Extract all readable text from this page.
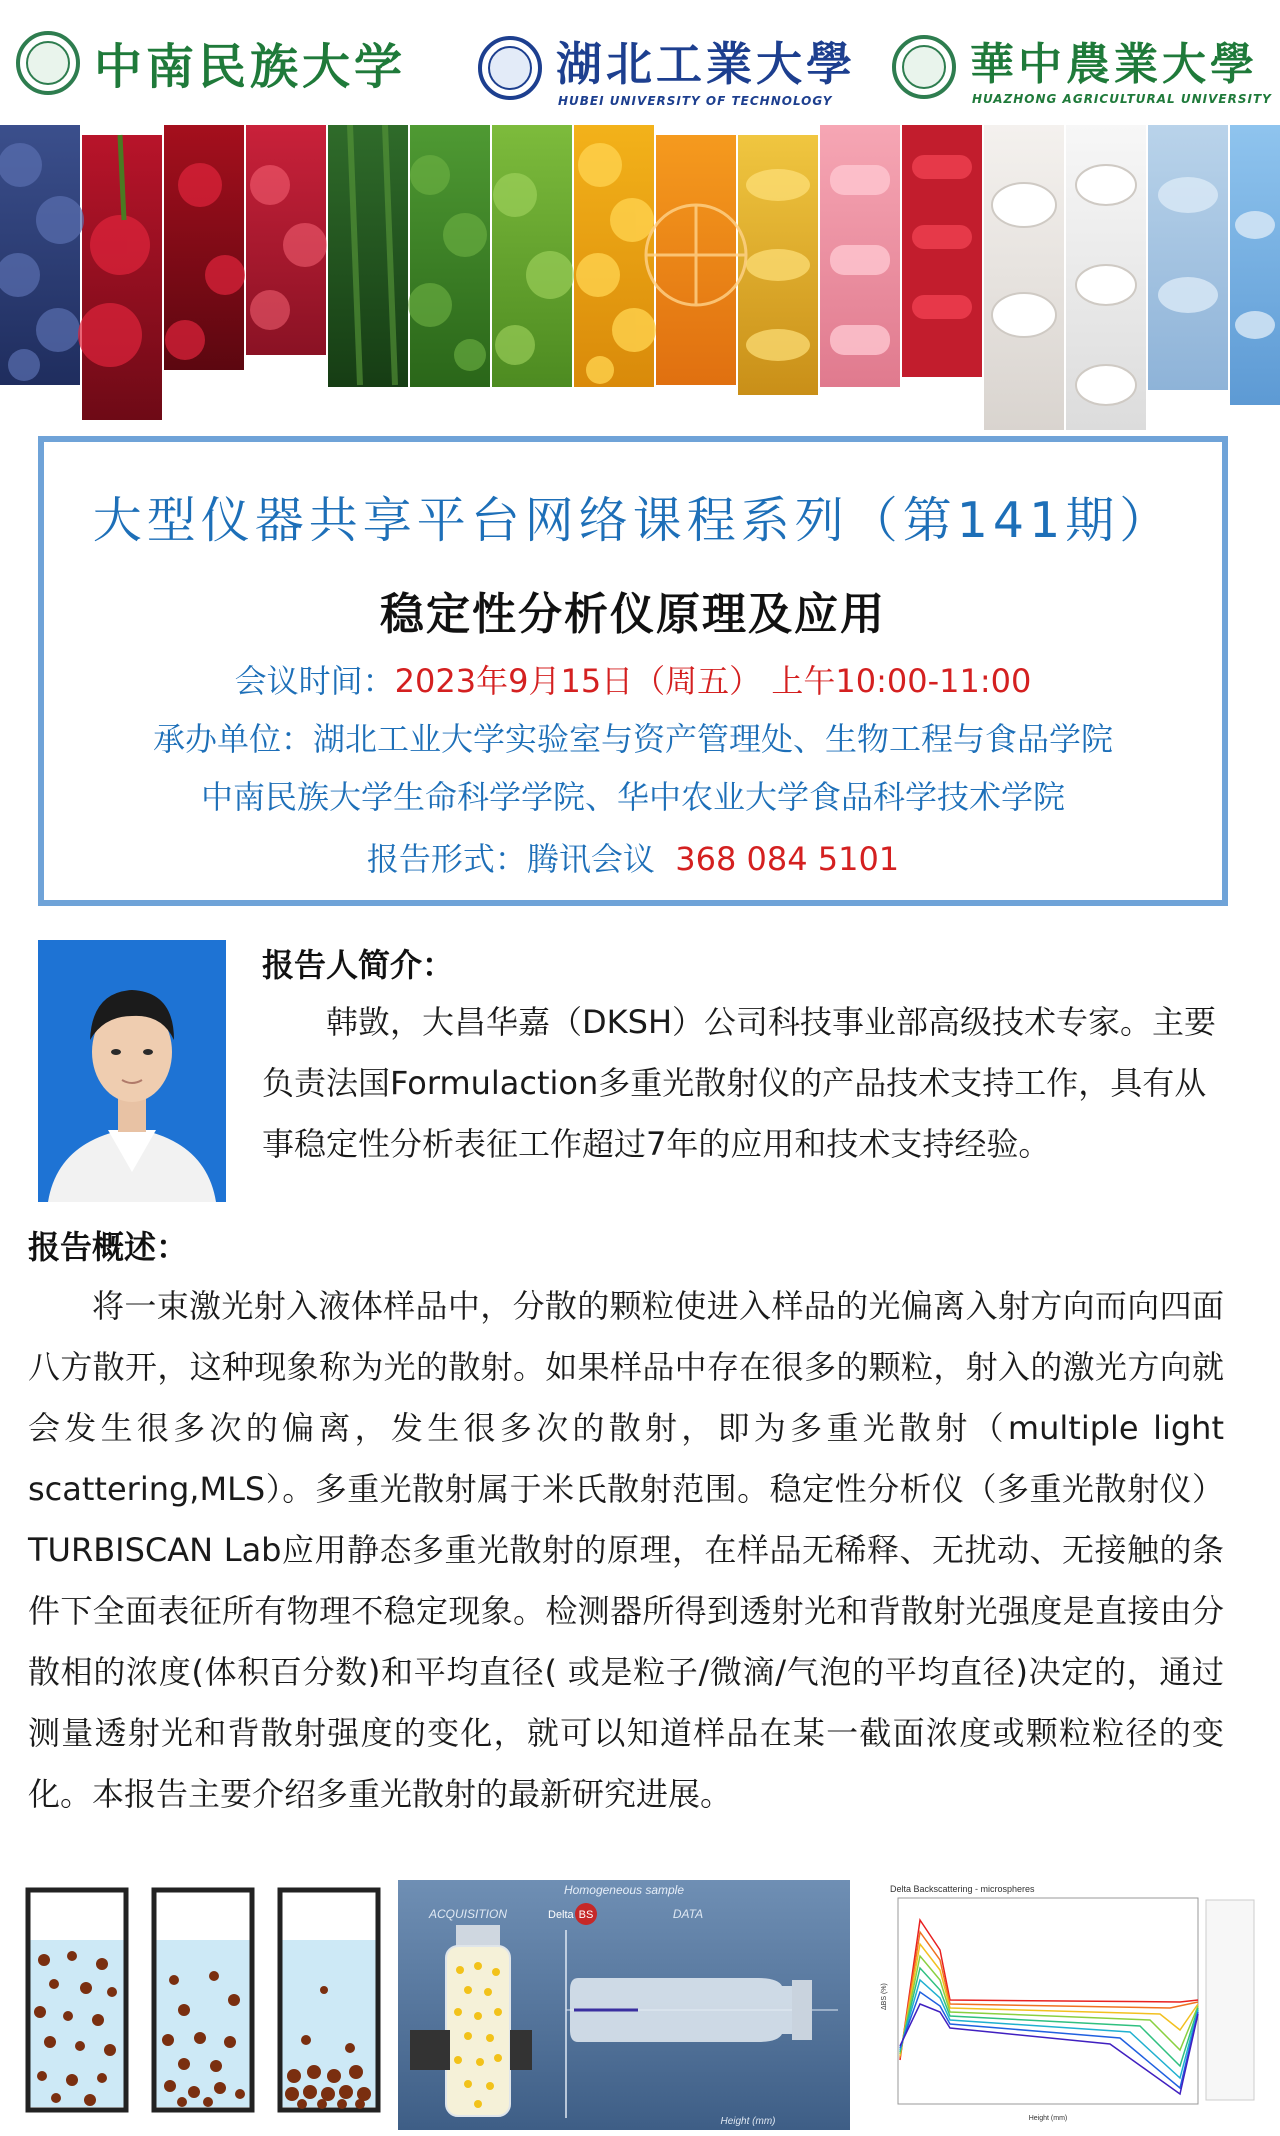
中南民族大学	湖北工業大學
HUBEI UNIVERSITY OF TECHNOLOGY
華中農業大學
HUAZHONG AGRICULTURAL UNIVERSITY
大型仪器共享平台网络课程系列（第141期）
稳定性分析仪原理及应用
会议时间：2023年9月15日（周五） 上午10:00-11:00
承办单位：湖北工业大学实验室与资产管理处、生物工程与食品学院
中南民族大学生命科学学院、华中农业大学食品科学技术学院
报告形式：腾讯会议 368 084 5101
报告人简介：
韩敳，大昌华嘉（DKSH）公司科技事业部高级技术专家。主要负责法国Formulaction多重光散射仪的产品技术支持工作，具有从事稳定性分析表征工作超过7年的应用和技术支持经验。
报告概述：
将一束激光射入液体样品中，分散的颗粒使进入样品的光偏离入射方向而向四面八方散开，这种现象称为光的散射。如果样品中存在很多的颗粒，射入的激光方向就会发生很多次的偏离，发生很多次的散射，即为多重光散射（multiple light scattering,MLS）。多重光散射属于米氏散射范围。稳定性分析仪（多重光散射仪）TURBISCAN Lab应用静态多重光散射的原理，在样品无稀释、无扰动、无接触的条件下全面表征所有物理不稳定现象。检测器所得到透射光和背散射光强度是直接由分散相的浓度(体积百分数)和平均直径( 或是粒子/微滴/气泡的平均直径)决定的，通过测量透射光和背散射强度的变化，就可以知道样品在某一截面浓度或颗粒粒径的变化。本报告主要介绍多重光散射的最新研究进展。
Homogeneous sample
ACQUISITION	DATA
Delta BS
Height (mm)
Delta Backscattering - microspheres
ΔBS (%)
Height (mm)
